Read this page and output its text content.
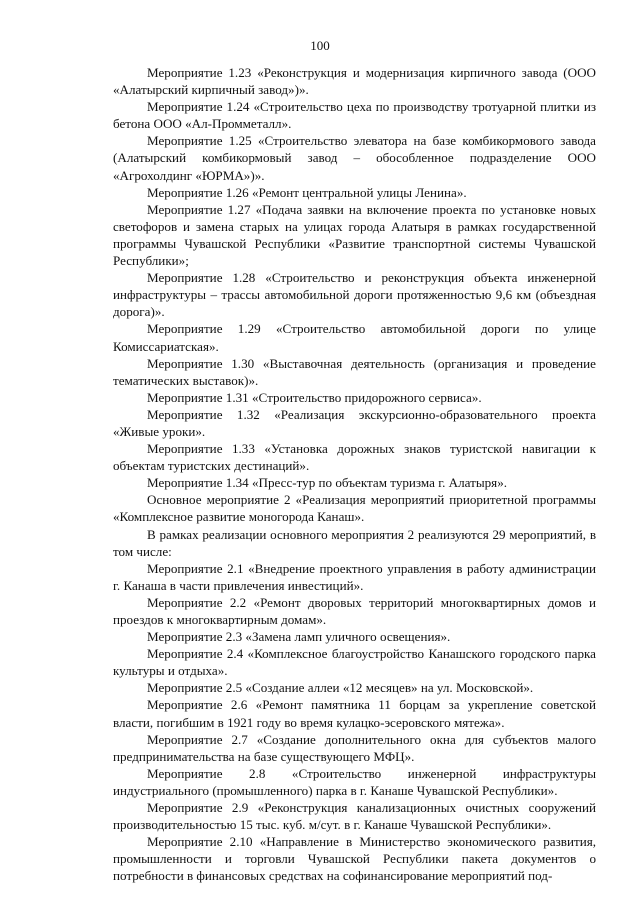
100

Мероприятие 1.23 «Реконструкция и модернизация кирпичного завода (ООО «Алатырский кирпичный завод»)».

Мероприятие 1.24 «Строительство цеха по производству тротуарной плитки из бетона ООО «Ал-Промметалл».

Мероприятие 1.25 «Строительство элеватора на базе комбикормового завода (Алатырский комбикормовый завод – обособленное подразделение ООО «Агрохолдинг «ЮРМА»)».

Мероприятие 1.26 «Ремонт центральной улицы Ленина».

Мероприятие 1.27 «Подача заявки на включение проекта по установке новых светофоров и замена старых на улицах города Алатыря в рамках государственной программы Чувашской Республики «Развитие транспортной системы Чувашской Республики»;

Мероприятие 1.28 «Строительство и реконструкция объекта инженерной инфраструктуры – трассы автомобильной дороги протяженностью 9,6 км (объездная дорога)».

Мероприятие 1.29 «Строительство автомобильной дороги по улице Комиссариатская».

Мероприятие 1.30 «Выставочная деятельность (организация и проведение тематических выставок)».

Мероприятие 1.31 «Строительство придорожного сервиса».

Мероприятие 1.32 «Реализация экскурсионно-образовательного проекта «Живые уроки».

Мероприятие 1.33 «Установка дорожных знаков туристской навигации к объектам туристских дестинаций».

Мероприятие 1.34 «Пресс-тур по объектам туризма г. Алатыря».

Основное мероприятие 2 «Реализация мероприятий приоритетной программы «Комплексное развитие моногорода Канаш».

В рамках реализации основного мероприятия 2 реализуются 29 мероприятий, в том числе:

Мероприятие 2.1 «Внедрение проектного управления в работу администрации г. Канаша в части привлечения инвестиций».

Мероприятие 2.2 «Ремонт дворовых территорий многоквартирных домов и проездов к многоквартирным домам».

Мероприятие 2.3 «Замена ламп уличного освещения».

Мероприятие 2.4 «Комплексное благоустройство Канашского городского парка культуры и отдыха».

Мероприятие 2.5 «Создание аллеи «12 месяцев» на ул. Московской».

Мероприятие 2.6 «Ремонт памятника 11 борцам за укрепление советской власти, погибшим в 1921 году во время кулацко-эсеровского мятежа».

Мероприятие 2.7 «Создание дополнительного окна для субъектов малого предпринимательства на базе существующего МФЦ».

Мероприятие 2.8 «Строительство инженерной инфраструктуры индустриального (промышленного) парка в г. Канаше Чувашской Республики».

Мероприятие 2.9 «Реконструкция канализационных очистных сооружений производительностью 15 тыс. куб. м/сут. в г. Канаше Чувашской Республики».

Мероприятие 2.10 «Направление в Министерство экономического развития, промышленности и торговли Чувашской Республики пакета документов о потребности в финансовых средствах на софинансирование мероприятий под-
